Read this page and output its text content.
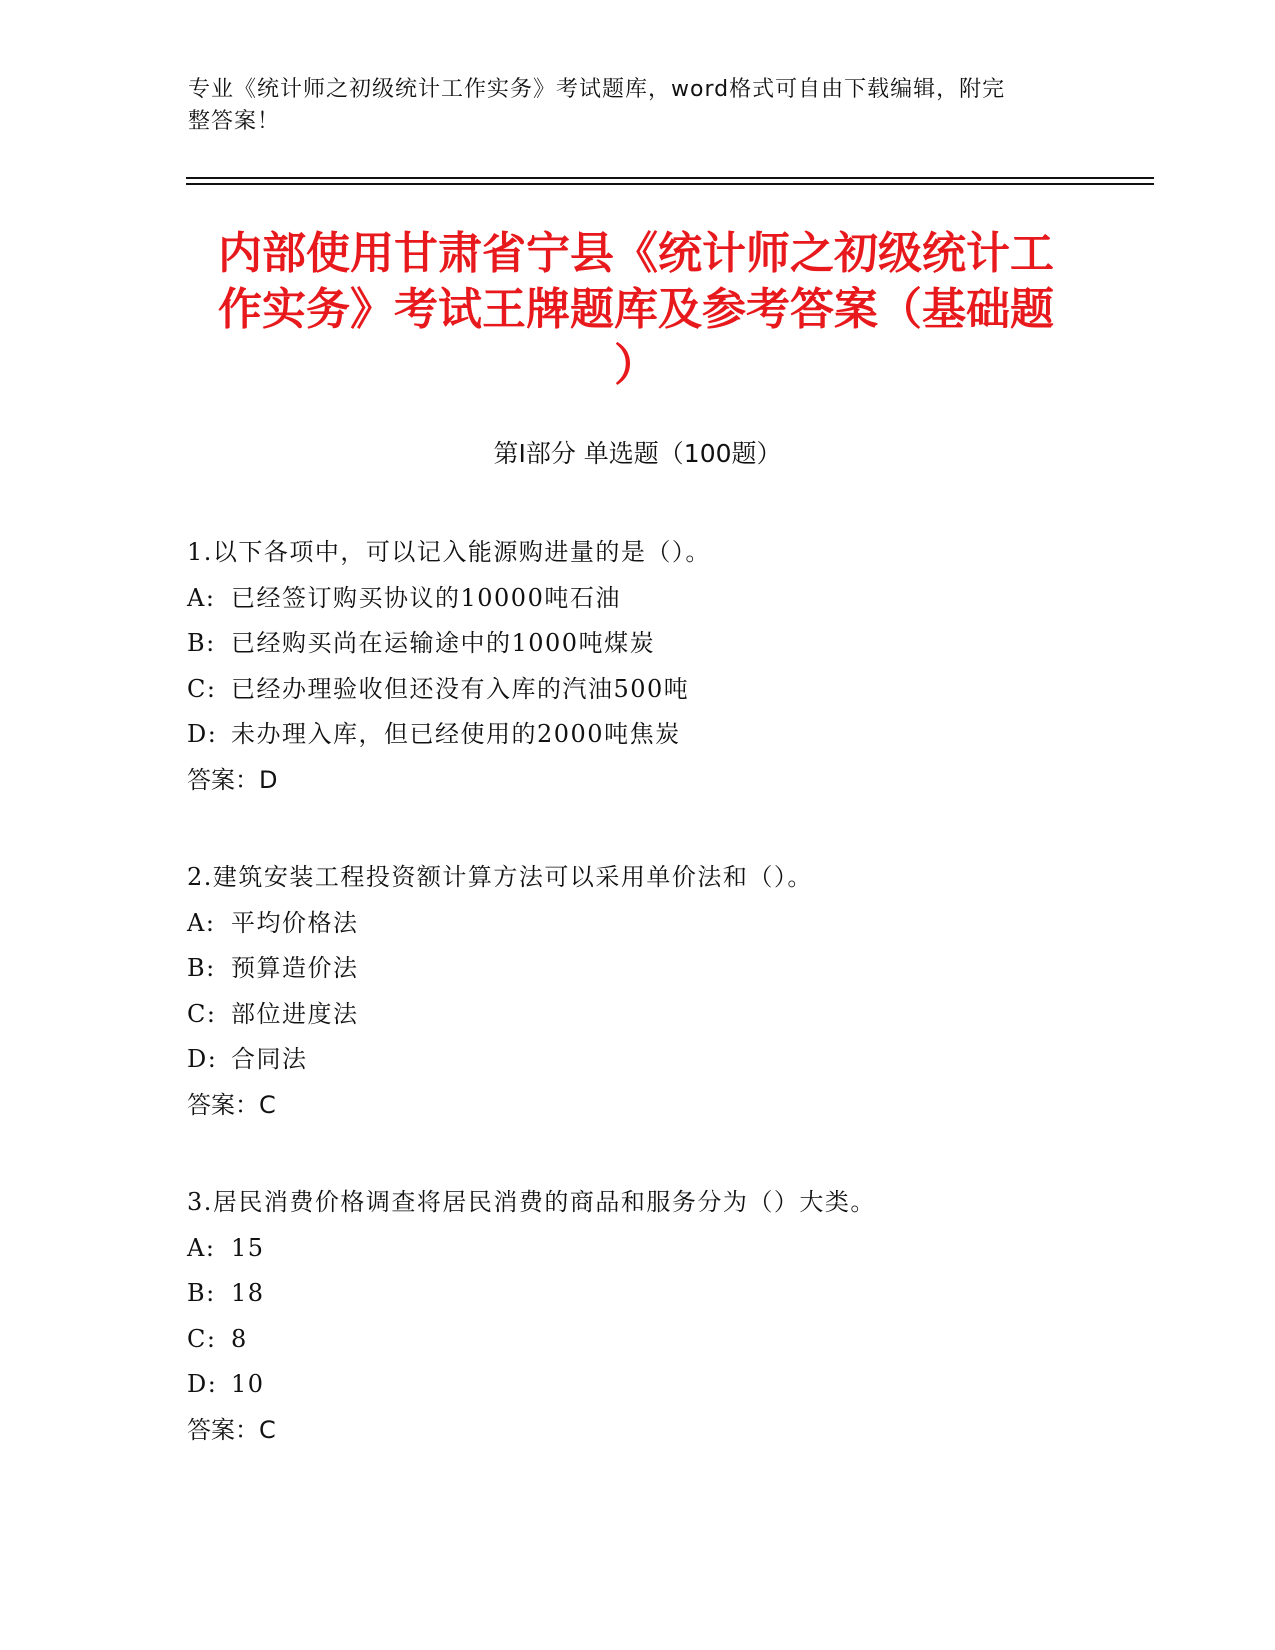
专业《统计师之初级统计工作实务》考试题库，word格式可自由下载编辑，附完
整答案！
内部使用甘肃省宁县《统计师之初级统计工
作实务》考试王牌题库及参考答案（基础题
）
第Ⅰ部分 单选题（100题）
1.以下各项中，可以记入能源购进量的是（）。
A: 已经签订购买协议的10000吨石油
B: 已经购买尚在运输途中的1000吨煤炭
C: 已经办理验收但还没有入库的汽油500吨
D: 未办理入库，但已经使用的2000吨焦炭
答案：D
2.建筑安装工程投资额计算方法可以采用单价法和（）。
A: 平均价格法
B: 预算造价法
C: 部位进度法
D: 合同法
答案：C
3.居民消费价格调查将居民消费的商品和服务分为（）大类。
A: 15
B: 18
C: 8
D: 10
答案：C
